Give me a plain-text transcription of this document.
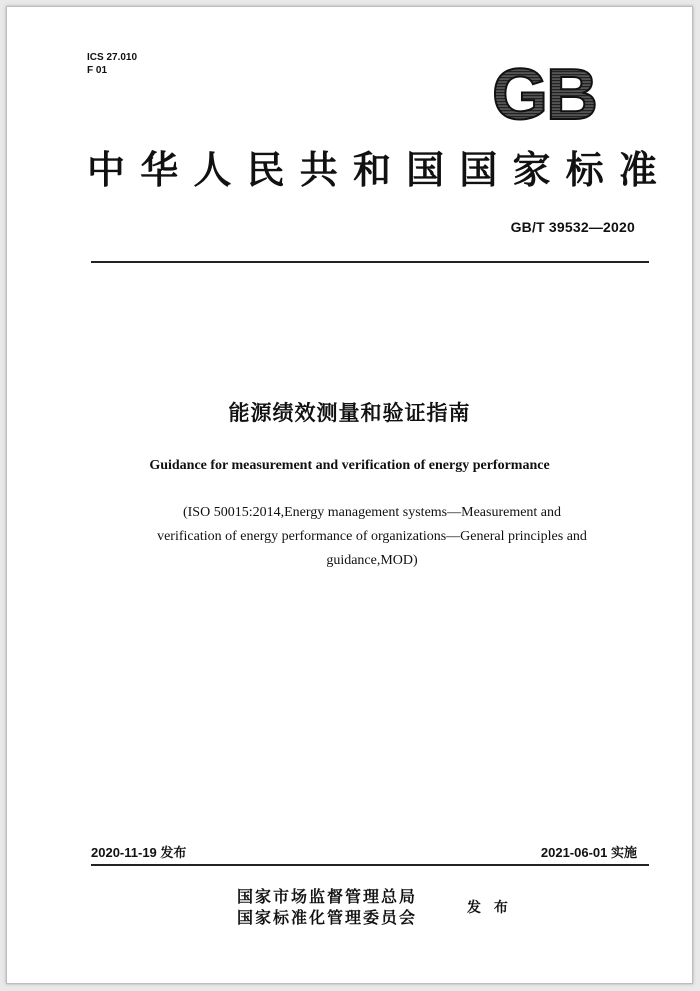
ICS 27.010
F 01	GB
中 华 人 民 共 和 国 国 家 标 准
GB/T 39532—2020
能源绩效测量和验证指南
Guidance for measurement and verification of energy performance
(ISO 50015:2014,Energy management systems—Measurement and
verification of energy performance of organizations—General principles and
guidance,MOD)
2020-11-19 发布	2021-06-01 实施
国家市场监督管理总局
国家标准化管理委员会	发 布
